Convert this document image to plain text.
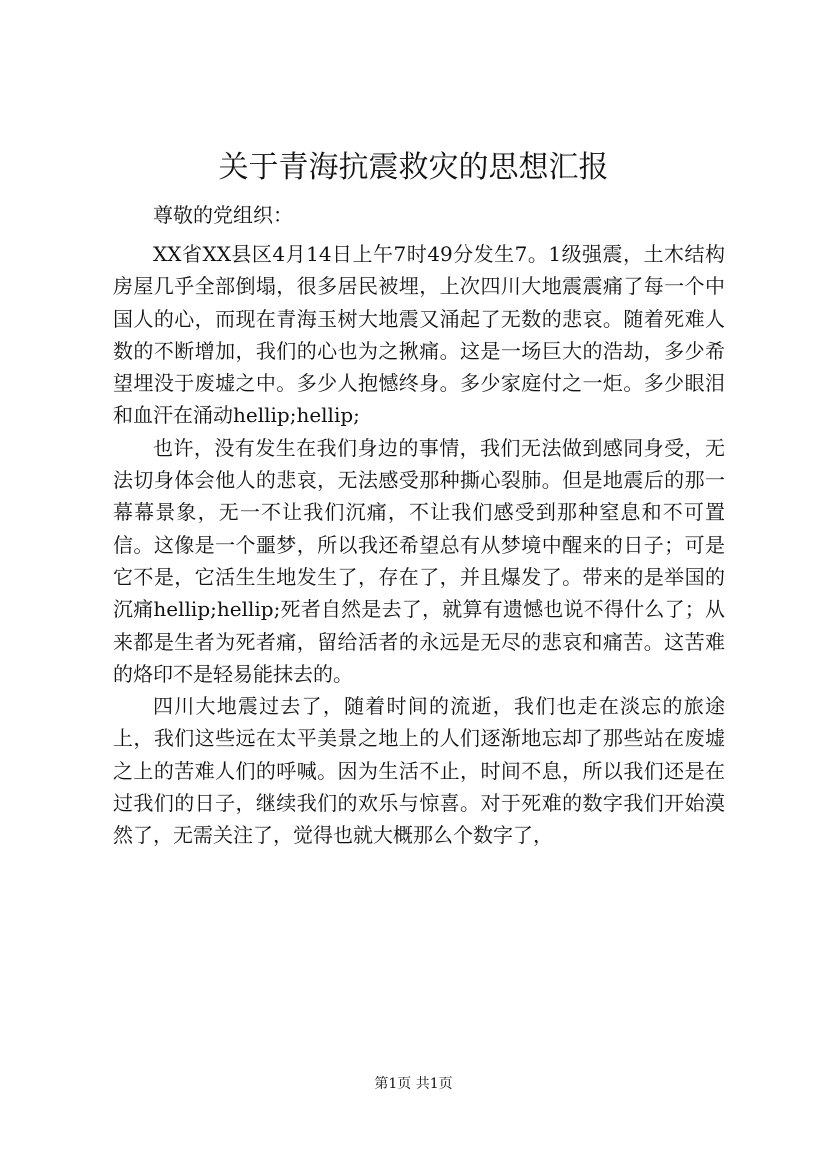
关于青海抗震救灾的思想汇报

尊敬的党组织：

XX省XX县区4月14日上午7时49分发生7。1级强震，土木结构房屋几乎全部倒塌，很多居民被埋，上次四川大地震震痛了每一个中国人的心，而现在青海玉树大地震又涌起了无数的悲哀。随着死难人数的不断增加，我们的心也为之揪痛。这是一场巨大的浩劫，多少希望埋没于废墟之中。多少人抱憾终身。多少家庭付之一炬。多少眼泪和血汗在涌动hellip;hellip;

也许，没有发生在我们身边的事情，我们无法做到感同身受，无法切身体会他人的悲哀，无法感受那种撕心裂肺。但是地震后的那一幕幕景象，无一不让我们沉痛，不让我们感受到那种窒息和不可置信。这像是一个噩梦，所以我还希望总有从梦境中醒来的日子；可是它不是，它活生生地发生了，存在了，并且爆发了。带来的是举国的沉痛hellip;hellip;死者自然是去了，就算有遗憾也说不得什么了；从来都是生者为死者痛，留给活者的永远是无尽的悲哀和痛苦。这苦难的烙印不是轻易能抹去的。

四川大地震过去了，随着时间的流逝，我们也走在淡忘的旅途上，我们这些远在太平美景之地上的人们逐渐地忘却了那些站在废墟之上的苦难人们的呼喊。因为生活不止，时间不息，所以我们还是在过我们的日子，继续我们的欢乐与惊喜。对于死难的数字我们开始漠然了，无需关注了，觉得也就大概那么个数字了，

第1页 共1页
